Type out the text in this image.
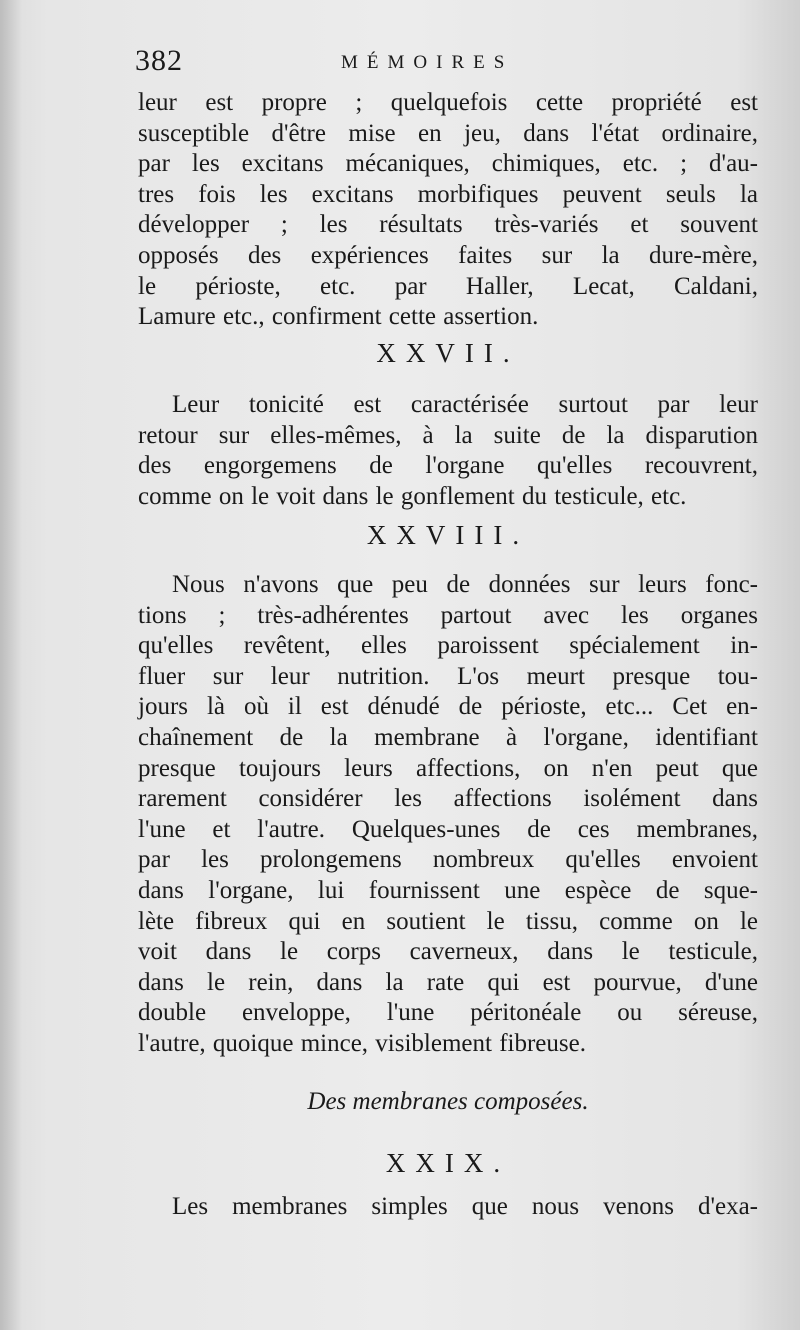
382	MÉMOIRES
leur est propre ; quelquefois cette propriété est
susceptible d'être mise en jeu, dans l'état ordinaire,
par les excitans mécaniques, chimiques, etc. ; d'au-
tres fois les excitans morbifiques peuvent seuls la
développer ; les résultats très-variés et souvent
opposés des expériences faites sur la dure-mère,
le périoste, etc. par Haller, Lecat, Caldani,
Lamure etc., confirment cette assertion.
XXVII.
Leur tonicité est caractérisée surtout par leur
retour sur elles-mêmes, à la suite de la disparution
des engorgemens de l'organe qu'elles recouvrent,
comme on le voit dans le gonflement du testicule, etc.
XXVIII.
Nous n'avons que peu de données sur leurs fonc-
tions ; très-adhérentes partout avec les organes
qu'elles revêtent, elles paroissent spécialement in-
fluer sur leur nutrition. L'os meurt presque tou-
jours là où il est dénudé de périoste, etc... Cet en-
chaînement de la membrane à l'organe, identifiant
presque toujours leurs affections, on n'en peut que
rarement considérer les affections isolément dans
l'une et l'autre. Quelques-unes de ces membranes,
par les prolongemens nombreux qu'elles envoient
dans l'organe, lui fournissent une espèce de sque-
lète fibreux qui en soutient le tissu, comme on le
voit dans le corps caverneux, dans le testicule,
dans le rein, dans la rate qui est pourvue, d'une
double enveloppe, l'une péritonéale ou séreuse,
l'autre, quoique mince, visiblement fibreuse.
Des membranes composées.
XXIX.
Les membranes simples que nous venons d'exa-
